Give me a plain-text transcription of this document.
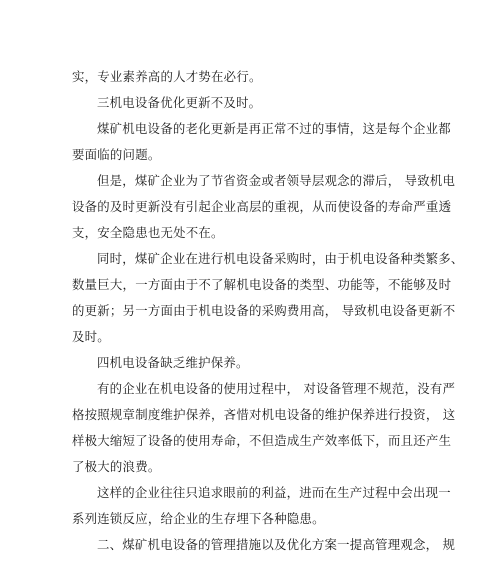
实，专业素养高的人才势在必行。
三机电设备优化更新不及时。
煤矿机电设备的老化更新是再正常不过的事情，这是每个企业都
要面临的问题。
但是，煤矿企业为了节省资金或者领导层观念的滞后， 导致机电
设备的及时更新没有引起企业高层的重视，从而使设备的寿命严重透
支，安全隐患也无处不在。
同时，煤矿企业在进行机电设备采购时，由于机电设备种类繁多、
数量巨大，一方面由于不了解机电设备的类型、功能等，不能够及时
的更新；另一方面由于机电设备的采购费用高， 导致机电设备更新不
及时。
四机电设备缺乏维护保养。
有的企业在机电设备的使用过程中， 对设备管理不规范，没有严
格按照规章制度维护保养，吝惜对机电设备的维护保养进行投资， 这
样极大缩短了设备的使用寿命，不但造成生产效率低下，而且还产生
了极大的浪费。
这样的企业往往只追求眼前的利益，进而在生产过程中会出现一
系列连锁反应，给企业的生存埋下各种隐患。
二、煤矿机电设备的管理措施以及优化方案一提高管理观念， 规
